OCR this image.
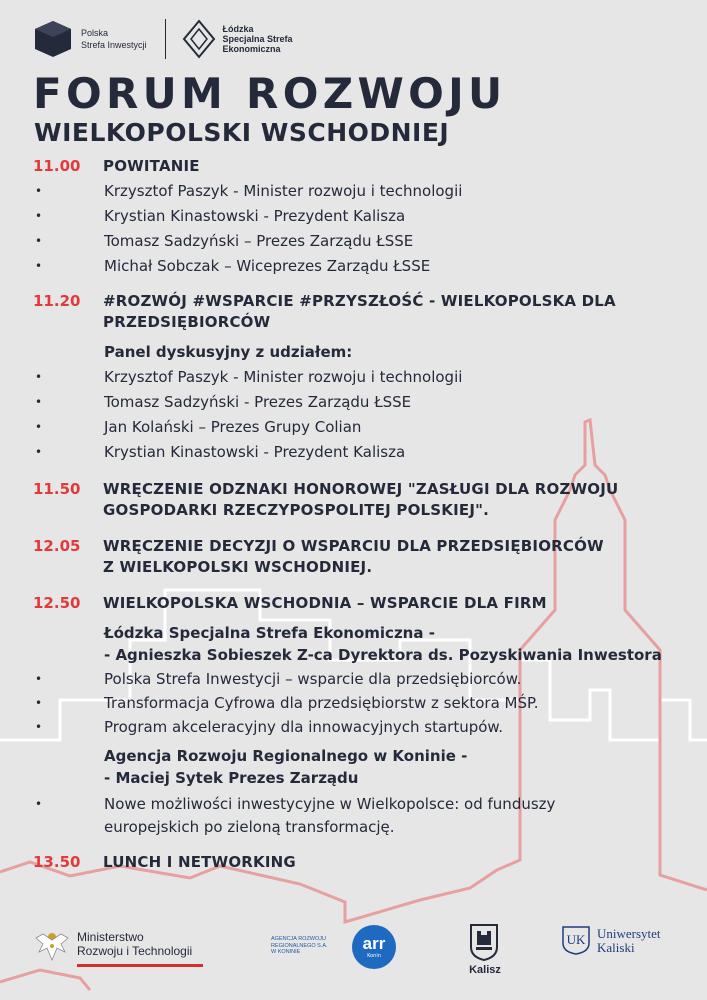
Polska
Strefa Inwestycji
Łódzka
Specjalna Strefa
Ekonomiczna
FORUM ROZWOJU
WIELKOPOLSKI WSCHODNIEJ
11.00 POWITANIE
•	Krzysztof Paszyk - Minister rozwoju i technologii
•	Krystian Kinastowski - Prezydent Kalisza
•	Tomasz Sadzyński – Prezes Zarządu ŁSSE
•	Michał Sobczak – Wiceprezes Zarządu ŁSSE
11.20 #ROZWÓJ #WSPARCIE #PRZYSZŁOŚĆ - WIELKOPOLSKA DLA
PRZEDSIĘBIORCÓW
Panel dyskusyjny z udziałem:
•	Krzysztof Paszyk - Minister rozwoju i technologii
•	Tomasz Sadzyński - Prezes Zarządu ŁSSE
•	Jan Kolański – Prezes Grupy Colian
•	Krystian Kinastowski - Prezydent Kalisza
11.50 WRĘCZENIE ODZNAKI HONOROWEJ "ZASŁUGI DLA ROZWOJU
GOSPODARKI RZECZYPOSPOLITEJ POLSKIEJ".
12.05 WRĘCZENIE DECYZJI O WSPARCIU DLA PRZEDSIĘBIORCÓW
Z WIELKOPOLSKI WSCHODNIEJ.
12.50 WIELKOPOLSKA WSCHODNIA – WSPARCIE DLA FIRM
Łódzka Specjalna Strefa Ekonomiczna -
- Agnieszka Sobieszek Z-ca Dyrektora ds. Pozyskiwania Inwestora
•	Polska Strefa Inwestycji – wsparcie dla przedsiębiorców.
•	Transformacja Cyfrowa dla przedsiębiorstw z sektora MŚP.
•	Program akceleracyjny dla innowacyjnych startupów.
Agencja Rozwoju Regionalnego w Koninie -
- Maciej Sytek Prezes Zarządu
•	Nowe możliwości inwestycyjne w Wielkopolsce: od funduszy
europejskich po zieloną transformację.
13.50 LUNCH I NETWORKING
Ministerstwo
Rozwoju i Technologii
AGENCJA ROZWOJU
REGIONALNEGO S.A.
W KONINIE	arr
Konin
Kalisz
UK Uniwersytet
Kaliski
